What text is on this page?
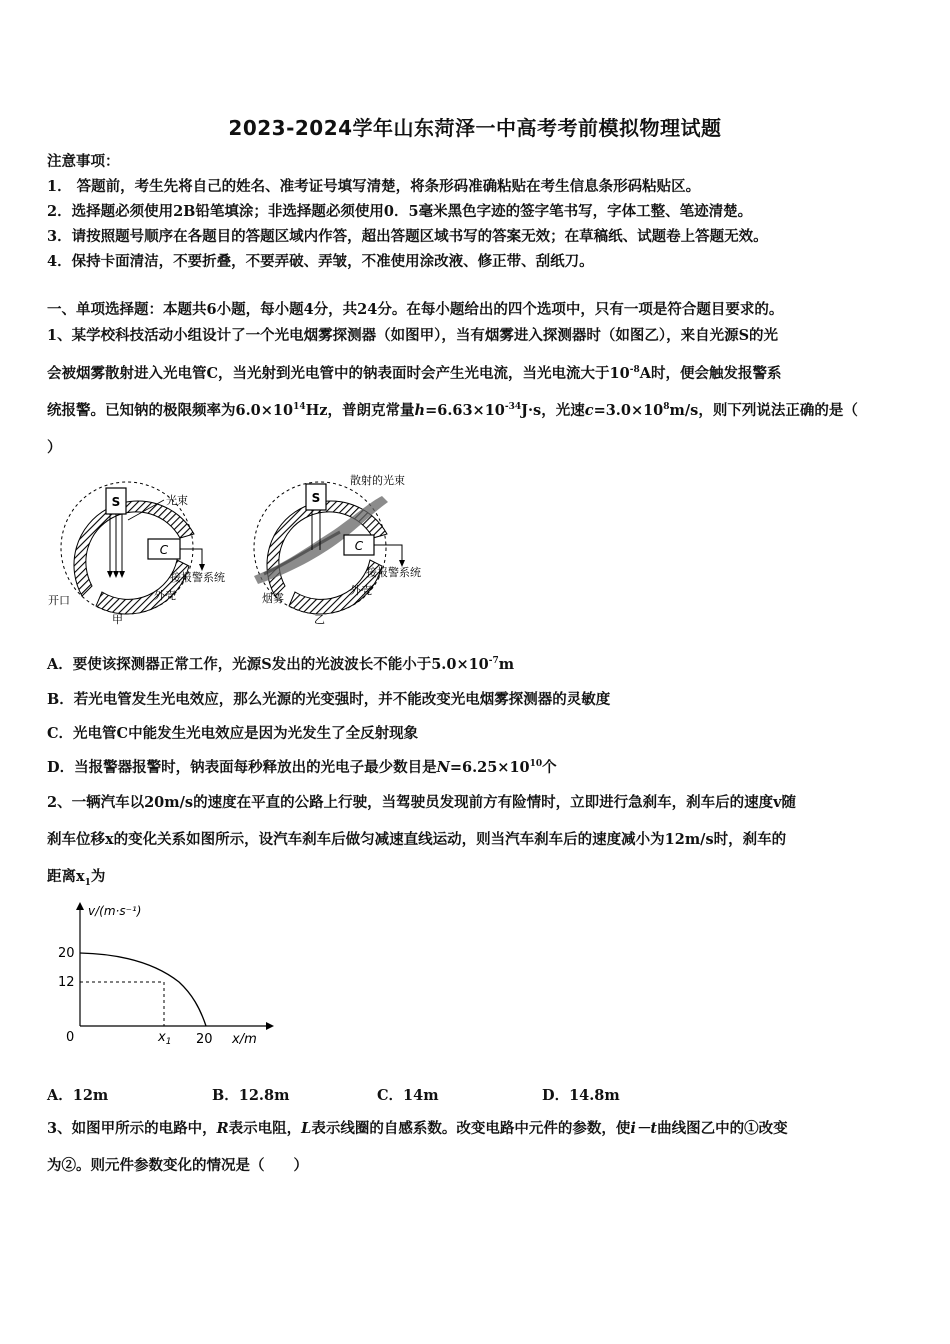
2023-2024学年山东菏泽一中高考考前模拟物理试题
注意事项：
1． 答题前，考生先将自己的姓名、准考证号填写清楚，将条形码准确粘贴在考生信息条形码粘贴区。
2．选择题必须使用2B铅笔填涂；非选择题必须使用0．5毫米黑色字迹的签字笔书写，字体工整、笔迹清楚。
3．请按照题号顺序在各题目的答题区域内作答，超出答题区域书写的答案无效；在草稿纸、试题卷上答题无效。
4．保持卡面清洁，不要折叠，不要弄破、弄皱，不准使用涂改液、修正带、刮纸刀。
一、单项选择题：本题共6小题，每小题4分，共24分。在每小题给出的四个选项中，只有一项是符合题目要求的。
1、某学校科技活动小组设计了一个光电烟雾探测器（如图甲），当有烟雾进入探测器时（如图乙），来自光源S的光
会被烟雾散射进入光电管C，当光射到光电管中的钠表面时会产生光电流，当光电流大于$10^{-8}A$时，便会触发报警系
统报警。已知钠的极限频率为$6.0\times 10^{14}Hz$，普朗克常量$h=6.63\times 10^{-34}J\cdot s$，光速$c=3.0\times 10^8m/s$，则下列说法正确的是（
）
S
C
光束
接报警系统
外壳
开口
甲
S
C
散射的光束
接报警系统
外壳
烟雾
乙
A．要使该探测器正常工作，光源S发出的光波波长不能小于$5.0\times 10^{-7}m$
B．若光电管发生光电效应，那么光源的光变强时，并不能改变光电烟雾探测器的灵敏度
C．光电管C中能发生光电效应是因为光发生了全反射现象
D．当报警器报警时，钠表面每秒释放出的光电子最少数目是$N=6.25\times 10^{10}$个
2、一辆汽车以20m/s的速度在平直的公路上行驶，当驾驶员发现前方有险情时，立即进行急刹车，刹车后的速度v随
刹车位移x的变化关系如图所示，设汽车刹车后做匀减速直线运动，则当汽车刹车后的速度减小为12m/s时，刹车的
距离$x_1$为
v/(m·s⁻¹)
20
12
0	$x_1$ 20 x/m
A．12m	B．12.8m	C．14m	D．14.8m
3、如图甲所示的电路中，R表示电阻，L表示线圈的自感系数。改变电路中元件的参数，使i－t曲线图乙中的①改变
为②。则元件参数变化的情况是（　　）
